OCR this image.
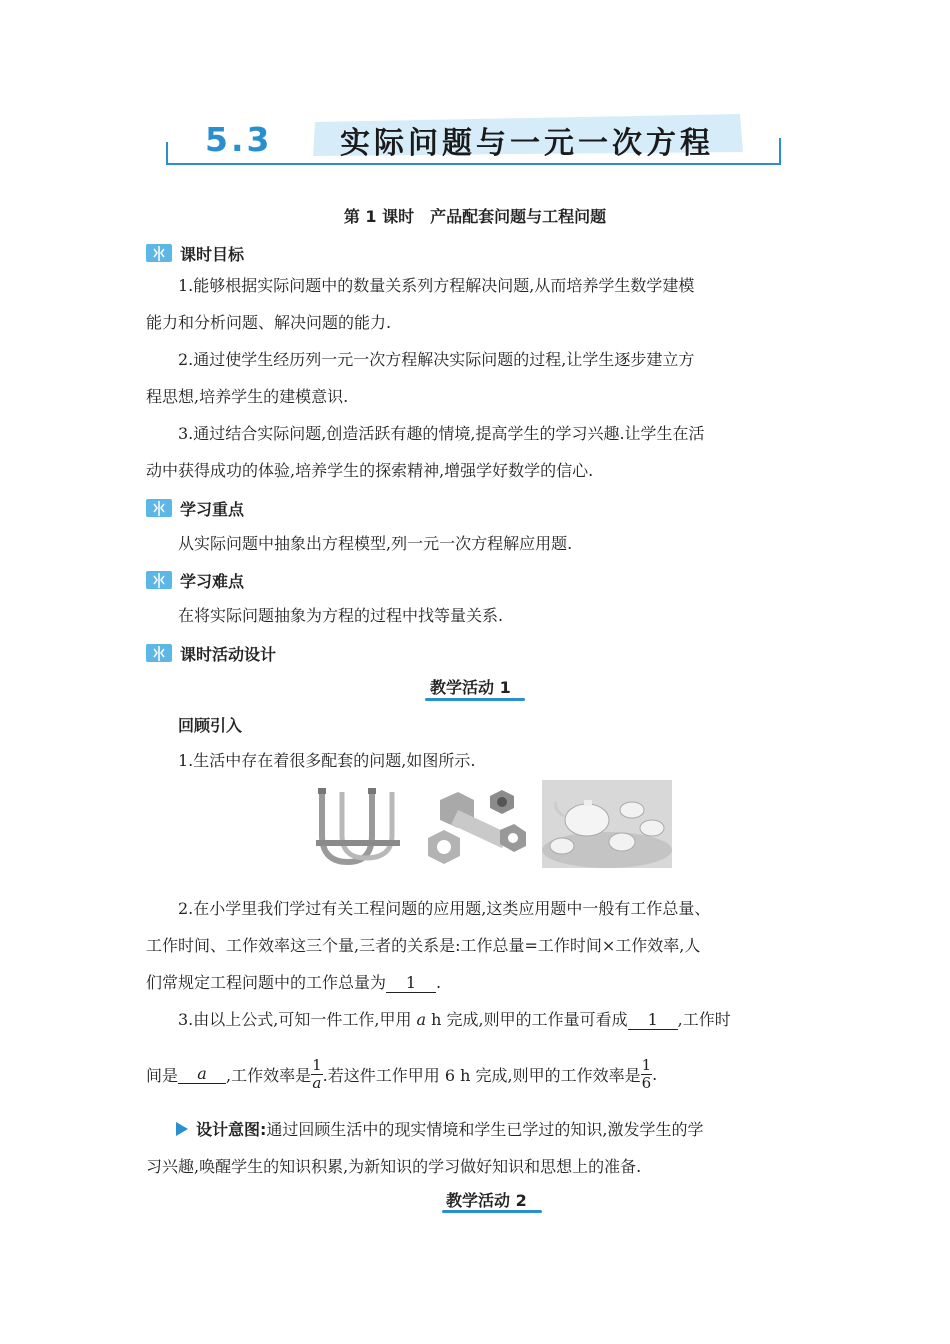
5.3 实际问题与一元一次方程
第 1 课时　产品配套问题与工程问题
课时目标
1.能够根据实际问题中的数量关系列方程解决问题,从而培养学生数学建模
能力和分析问题、解决问题的能力.
2.通过使学生经历列一元一次方程解决实际问题的过程,让学生逐步建立方
程思想,培养学生的建模意识.
3.通过结合实际问题,创造活跃有趣的情境,提高学生的学习兴趣.让学生在活
动中获得成功的体验,培养学生的探索精神,增强学好数学的信心.
学习重点
从实际问题中抽象出方程模型,列一元一次方程解应用题.
学习难点
在将实际问题抽象为方程的过程中找等量关系.
课时活动设计
教学活动 1
回顾引入
1.生活中存在着很多配套的问题,如图所示.
2.在小学里我们学过有关工程问题的应用题,这类应用题中一般有工作总量、
工作时间、工作效率这三个量,三者的关系是:工作总量=工作时间×工作效率,人
们常规定工程问题中的工作总量为 1 .
3.由以上公式,可知一件工作,甲用 a h 完成,则甲的工作量可看成 1 ,工作时
间是	a	,工作效率是 $\frac{1}{a}$ .若这件工作甲用 6 h 完成,则甲的工作效率是 $\frac{1}{6}$ .
设计意图: 通过回顾生活中的现实情境和学生已学过的知识,激发学生的学
习兴趣,唤醒学生的知识积累,为新知识的学习做好知识和思想上的准备.
教学活动 2
